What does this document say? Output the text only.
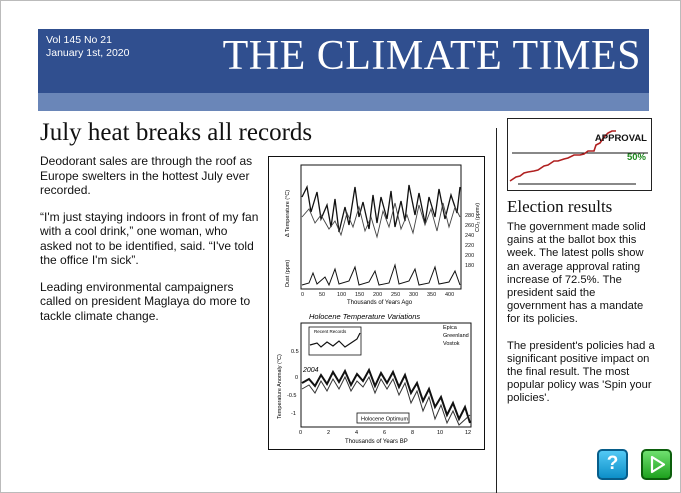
Vol 145 No 21
January 1st, 2020 THE CLIMATE TIMES
July heat breaks all records

Deodorant sales are through the roof as Europe swelters in the hottest July ever recorded.

“I'm just staying indoors in front of my fan with a cool drink,” one woman, who asked not to be identified, said. “I've told the office I'm sick”.

Leading environmental campaigners called on president Maglaya do more to tackle climate change.

0	50 100 150 200 250 300 350 400
280
260
240
220
200
180
Thousands of Years Ago
Δ Temperature (°C)
Dust (ppm)
CO₂ (ppmv)
Holocene Temperature Variations
Recent Records
2004
Epica
Greenland
Vostok
Holocene Optimum
0.5
0
-0.5
-1
0	2	4	6	8	10	12
Thousands of Years BP
Temperature Anomaly (°C)
APPROVAL
50%
Election results

The government made solid gains at the ballot box this week. The latest polls show an average approval rating increase of 72.5%. The president said the government has a mandate for its policies.

The president's policies had a significant positive impact on the final result. The most popular policy was 'Spin your policies'.

?
